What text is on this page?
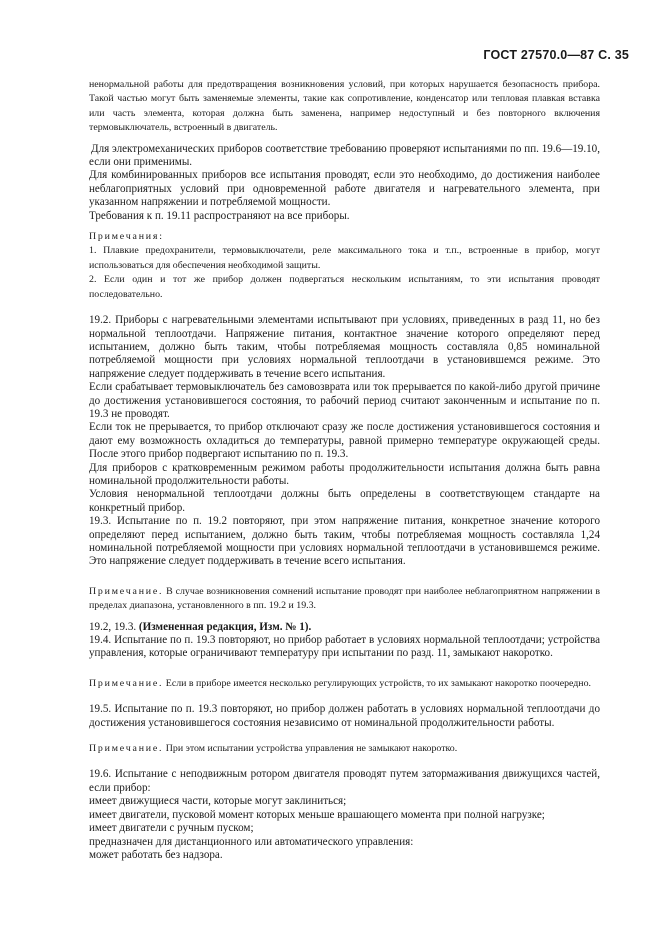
ГОСТ 27570.0—87 С. 35

ненормальной работы для предотвращения возникновения условий, при которых нарушается безопасность прибора. Такой частью могут быть заменяемые элементы, такие как сопротивление, конденсатор или тепловая плавкая вставка или часть элемента, которая должна быть заменена, например недоступный и без повторного включения термовыключатель, встроенный в двигатель.

Для электромеханических приборов соответствие требованию проверяют испытаниями по пп. 19.6—19.10, если они применимы.

Для комбинированных приборов все испытания проводят, если это необходимо, до достижения наиболее неблагоприятных условий при одновременной работе двигателя и нагревательного элемента, при указанном напряжении и потребляемой мощности.

Требования к п. 19.11 распространяют на все приборы.

Примечания:

1. Плавкие предохранители, термовыключатели, реле максимального тока и т.п., встроенные в прибор, могут использоваться для обеспечения необходимой защиты.

2. Если один и тот же прибор должен подвергаться нескольким испытаниям, то эти испытания проводят последовательно.

19.2. Приборы с нагревательными элементами испытывают при условиях, приведенных в разд 11, но без нормальной теплоотдачи. Напряжение питания, контактное значение которого определяют перед испытанием, должно быть таким, чтобы потребляемая мощность составляла 0,85 номинальной потребляемой мощности при условиях нормальной теплоотдачи в установившемся режиме. Это напряжение следует поддерживать в течение всего испытания.

Если срабатывает термовыключатель без самовозврата или ток прерывается по какой-либо другой причине до достижения установившегося состояния, то рабочий период считают законченным и испытание по п. 19.3 не проводят.

Если ток не прерывается, то прибор отключают сразу же после достижения установившегося состояния и дают ему возможность охладиться до температуры, равной примерно температуре окружающей среды. После этого прибор подвергают испытанию по п. 19.3.

Для приборов с кратковременным режимом работы продолжительности испытания должна быть равна номинальной продолжительности работы.

Условия ненормальной теплоотдачи должны быть определены в соответствующем стандарте на конкретный прибор.

19.3. Испытание по п. 19.2 повторяют, при этом напряжение питания, конкретное значение которого определяют перед испытанием, должно быть таким, чтобы потребляемая мощность составляла 1,24 номинальной потребляемой мощности при условиях нормальной теплоотдачи в установившемся режиме. Это напряжение следует поддерживать в течение всего испытания.

Примечание. В случае возникновения сомнений испытание проводят при наиболее неблагоприятном напряжении в пределах диапазона, установленного в пп. 19.2 и 19.3.

19.2, 19.3. (Измененная редакция, Изм. № 1).

19.4. Испытание по п. 19.3 повторяют, но прибор работает в условиях нормальной теплоотдачи; устройства управления, которые ограничивают температуру при испытании по разд. 11, замыкают накоротко.

Примечание. Если в приборе имеется несколько регулирующих устройств, то их замыкают накоротко поочередно.

19.5. Испытание по п. 19.3 повторяют, но прибор должен работать в условиях нормальной теплоотдачи до достижения установившегося состояния независимо от номинальной продолжительности работы.

Примечание. При этом испытании устройства управления не замыкают накоротко.

19.6. Испытание с неподвижным ротором двигателя проводят путем затормаживания движущихся частей, если прибор:

имеет движущиеся части, которые могут заклиниться;

имеет двигатели, пусковой момент которых меньше врашающего момента при полной нагрузке;

имеет двигатели с ручным пуском;

предназначен для дистанционного или автоматического управления:

может работать без надзора.
